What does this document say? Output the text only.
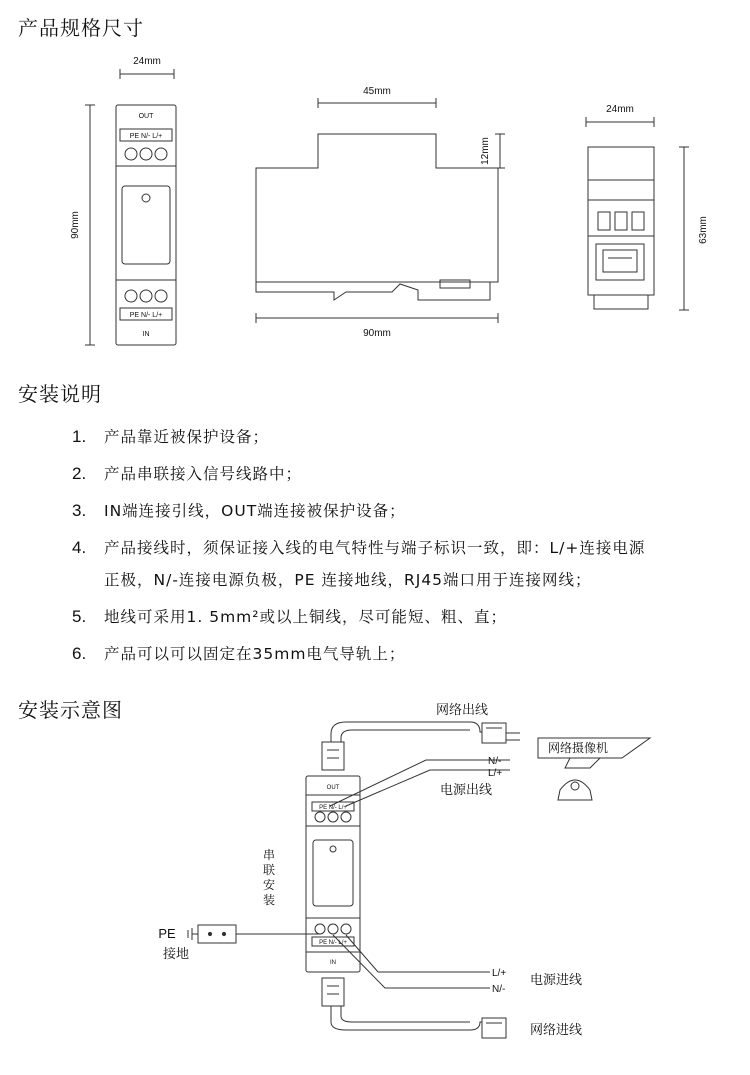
产品规格尺寸
安装说明
安装示意图
24mm
90mm
OUT
PE N/- L/+
PE N/- L/+
IN
45mm
12mm
90mm
24mm
63mm
1. 产品靠近被保护设备；
2. 产品串联接入信号线路中；
3. IN端连接引线，OUT端连接被保护设备；
4. 产品接线时，须保证接入线的电气特性与端子标识一致，即：L/+连接电源
正极，N/-连接电源负极，PE 连接地线，RJ45端口用于连接网线；
5. 地线可采用1. 5mm²或以上铜线，尽可能短、粗、直；
6. 产品可以可以固定在35mm电气导轨上；
网络出线
网络摄像机
N/-
L/+
电源出线
OUT
PE N/- L/+
PE N/- L/+
IN
PE
接地
L/+
N/-
电源进线
网络进线
串联安装
